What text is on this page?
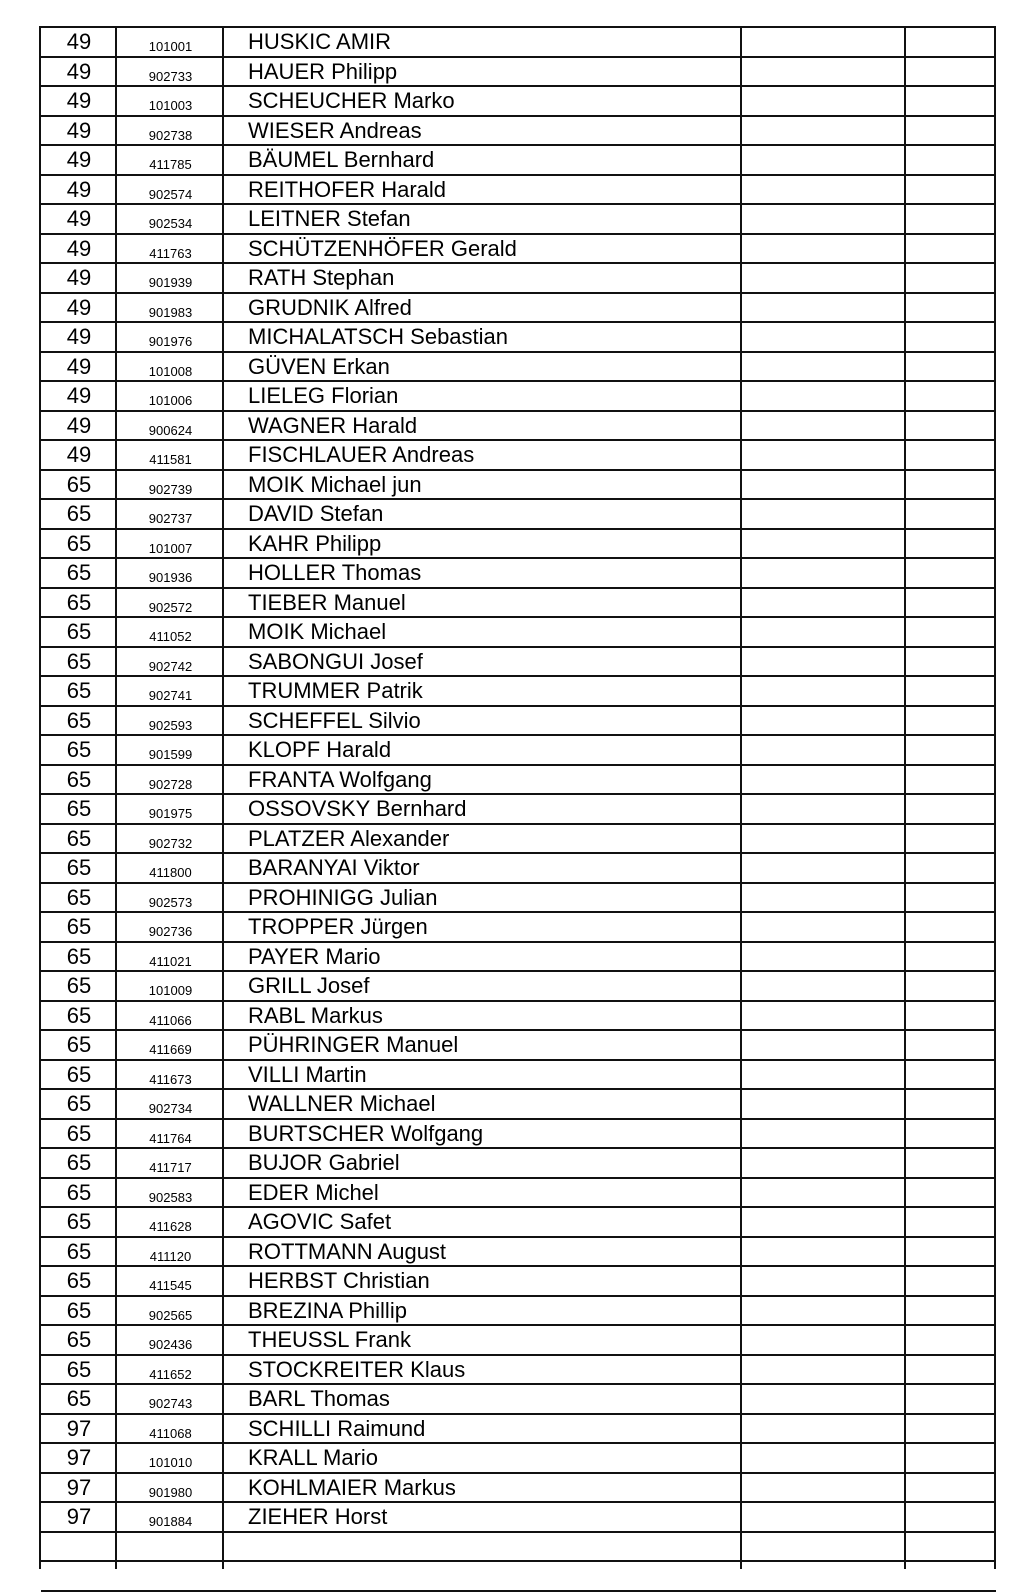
49	101001	HUSKIC AMIR
49	902733	HAUER Philipp
49	101003	SCHEUCHER Marko
49	902738	WIESER Andreas
49	411785	BÄUMEL Bernhard
49	902574	REITHOFER Harald
49	902534	LEITNER Stefan
49	411763	SCHÜTZENHÖFER Gerald
49	901939	RATH Stephan
49	901983	GRUDNIK Alfred
49	901976	MICHALATSCH Sebastian
49	101008	GÜVEN Erkan
49	101006	LIELEG Florian
49	900624	WAGNER Harald
49	411581	FISCHLAUER Andreas
65	902739	MOIK Michael jun
65	902737	DAVID Stefan
65	101007	KAHR Philipp
65	901936	HOLLER Thomas
65	902572	TIEBER Manuel
65	411052	MOIK Michael
65	902742	SABONGUI Josef
65	902741	TRUMMER Patrik
65	902593	SCHEFFEL Silvio
65	901599	KLOPF Harald
65	902728	FRANTA Wolfgang
65	901975	OSSOVSKY Bernhard
65	902732	PLATZER Alexander
65	411800	BARANYAI Viktor
65	902573	PROHINIGG Julian
65	902736	TROPPER Jürgen
65	411021	PAYER Mario
65	101009	GRILL Josef
65	411066	RABL Markus
65	411669	PÜHRINGER Manuel
65	411673	VILLI Martin
65	902734	WALLNER Michael
65	411764	BURTSCHER Wolfgang
65	411717	BUJOR Gabriel
65	902583	EDER Michel
65	411628	AGOVIC Safet
65	411120	ROTTMANN August
65	411545	HERBST Christian
65	902565	BREZINA Phillip
65	902436	THEUSSL Frank
65	411652	STOCKREITER Klaus
65	902743	BARL Thomas
97	411068	SCHILLI Raimund
97	101010	KRALL Mario
97	901980	KOHLMAIER Markus
97	901884	ZIEHER Horst
